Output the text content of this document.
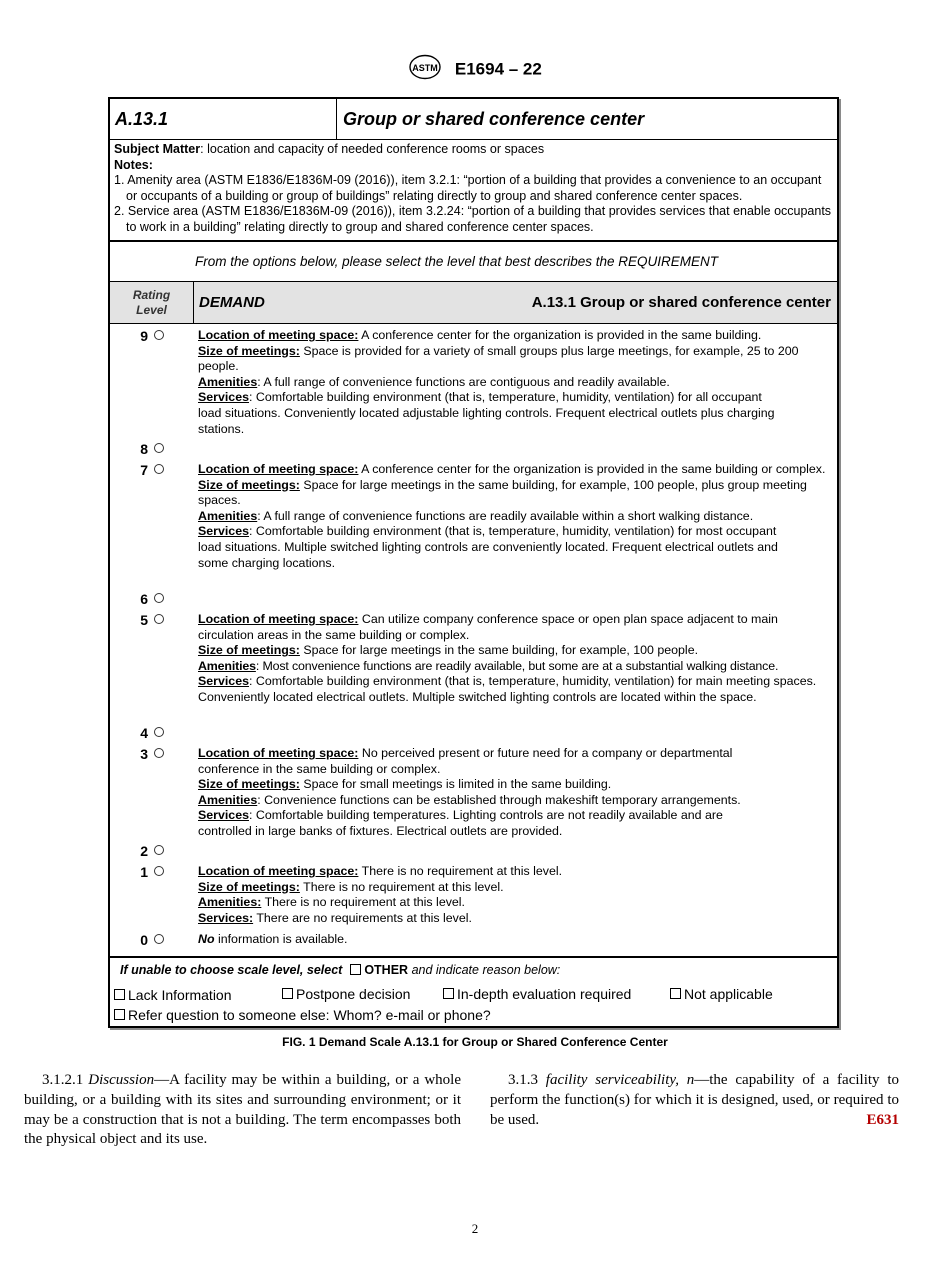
ASTM E1694 – 22
A.13.1	Group or shared conference center
Subject Matter: location and capacity of needed conference rooms or spaces
Notes:
1. Amenity area (ASTM E1836/E1836M-09 (2016)), item 3.2.1: “portion of a building that provides a convenience to an occupant or occupants of a building or group of buildings” relating directly to group and shared conference center spaces.
2. Service area (ASTM E1836/E1836M-09 (2016)), item 3.2.24: “portion of a building that provides services that enable occupants to work in a building” relating directly to group and shared conference center spaces.
From the options below, please select the level that best describes the REQUIREMENT
Rating
Level	DEMAND	A.13.1 Group or shared conference center
9	Location of meeting space: A conference center for the organization is provided in the same building.
Size of meetings: Space is provided for a variety of small groups plus large meetings, for example, 25 to 200 people.
Amenities: A full range of convenience functions are contiguous and readily available.
Services: Comfortable building environment (that is, temperature, humidity, ventilation) for all occupant load situations. Conveniently located adjustable lighting controls. Frequent electrical outlets plus charging stations.
8
7	Location of meeting space: A conference center for the organization is provided in the same building or complex.
Size of meetings: Space for large meetings in the same building, for example, 100 people, plus group meeting spaces.
Amenities: A full range of convenience functions are readily available within a short walking distance.
Services: Comfortable building environment (that is, temperature, humidity, ventilation) for most occupant load situations. Multiple switched lighting controls are conveniently located. Frequent electrical outlets and some charging locations.
6
5	Location of meeting space: Can utilize company conference space or open plan space adjacent to main circulation areas in the same building or complex.
Size of meetings: Space for large meetings in the same building, for example, 100 people.
Amenities: Most convenience functions are readily available, but some are at a substantial walking distance.
Services: Comfortable building environment (that is, temperature, humidity, ventilation) for main meeting spaces. Conveniently located electrical outlets. Multiple switched lighting controls are located within the space.
4
3	Location of meeting space: No perceived present or future need for a company or departmental conference in the same building or complex.
Size of meetings: Space for small meetings is limited in the same building.
Amenities: Convenience functions can be established through makeshift temporary arrangements.
Services: Comfortable building temperatures. Lighting controls are not readily available and are controlled in large banks of fixtures. Electrical outlets are provided.
2
1	Location of meeting space: There is no requirement at this level.
Size of meetings: There is no requirement at this level.
Amenities: There is no requirement at this level.
Services: There are no requirements at this level.
0	No information is available.
If unable to choose scale level, select OTHER and indicate reason below:
Lack Information	Postpone decision	In-depth evaluation required	Not applicable
Refer question to someone else: Whom? e-mail or phone?
FIG. 1 Demand Scale A.13.1 for Group or Shared Conference Center

3.1.2.1 Discussion—A facility may be within a building, or a whole building, or a building with its sites and surrounding environment; or it may be a construction that is not a building. The term encompasses both the physical object and its use.

3.1.3 facility serviceability, n—the capability of a facility to perform the function(s) for which it is designed, used, or required to be used.	E631

2
